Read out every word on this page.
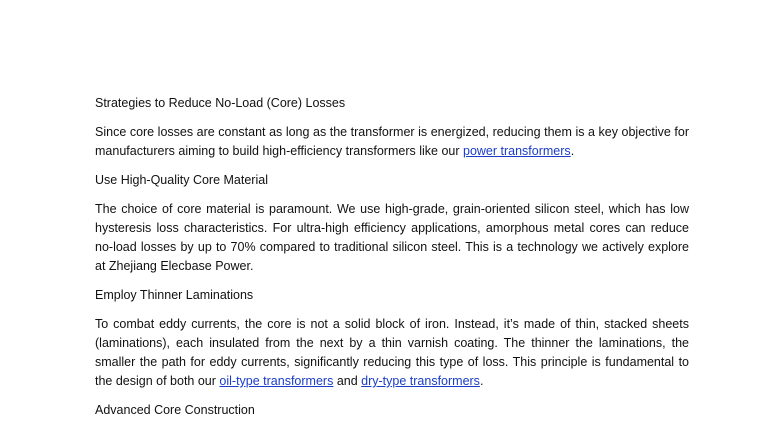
Strategies to Reduce No-Load (Core) Losses

Since core losses are constant as long as the transformer is energized, reducing them is a key objective for manufacturers aiming to build high-efficiency transformers like our power transformers.

Use High-Quality Core Material

The choice of core material is paramount. We use high-grade, grain-oriented silicon steel, which has low hysteresis loss characteristics. For ultra-high efficiency applications, amorphous metal cores can reduce no-load losses by up to 70% compared to traditional silicon steel. This is a technology we actively explore at Zhejiang Elecbase Power.

Employ Thinner Laminations

To combat eddy currents, the core is not a solid block of iron. Instead, it’s made of thin, stacked sheets (laminations), each insulated from the next by a thin varnish coating. The thinner the laminations, the smaller the path for eddy currents, significantly reducing this type of loss. This principle is fundamental to the design of both our oil-type transformers and dry-type transformers.

Advanced Core Construction
